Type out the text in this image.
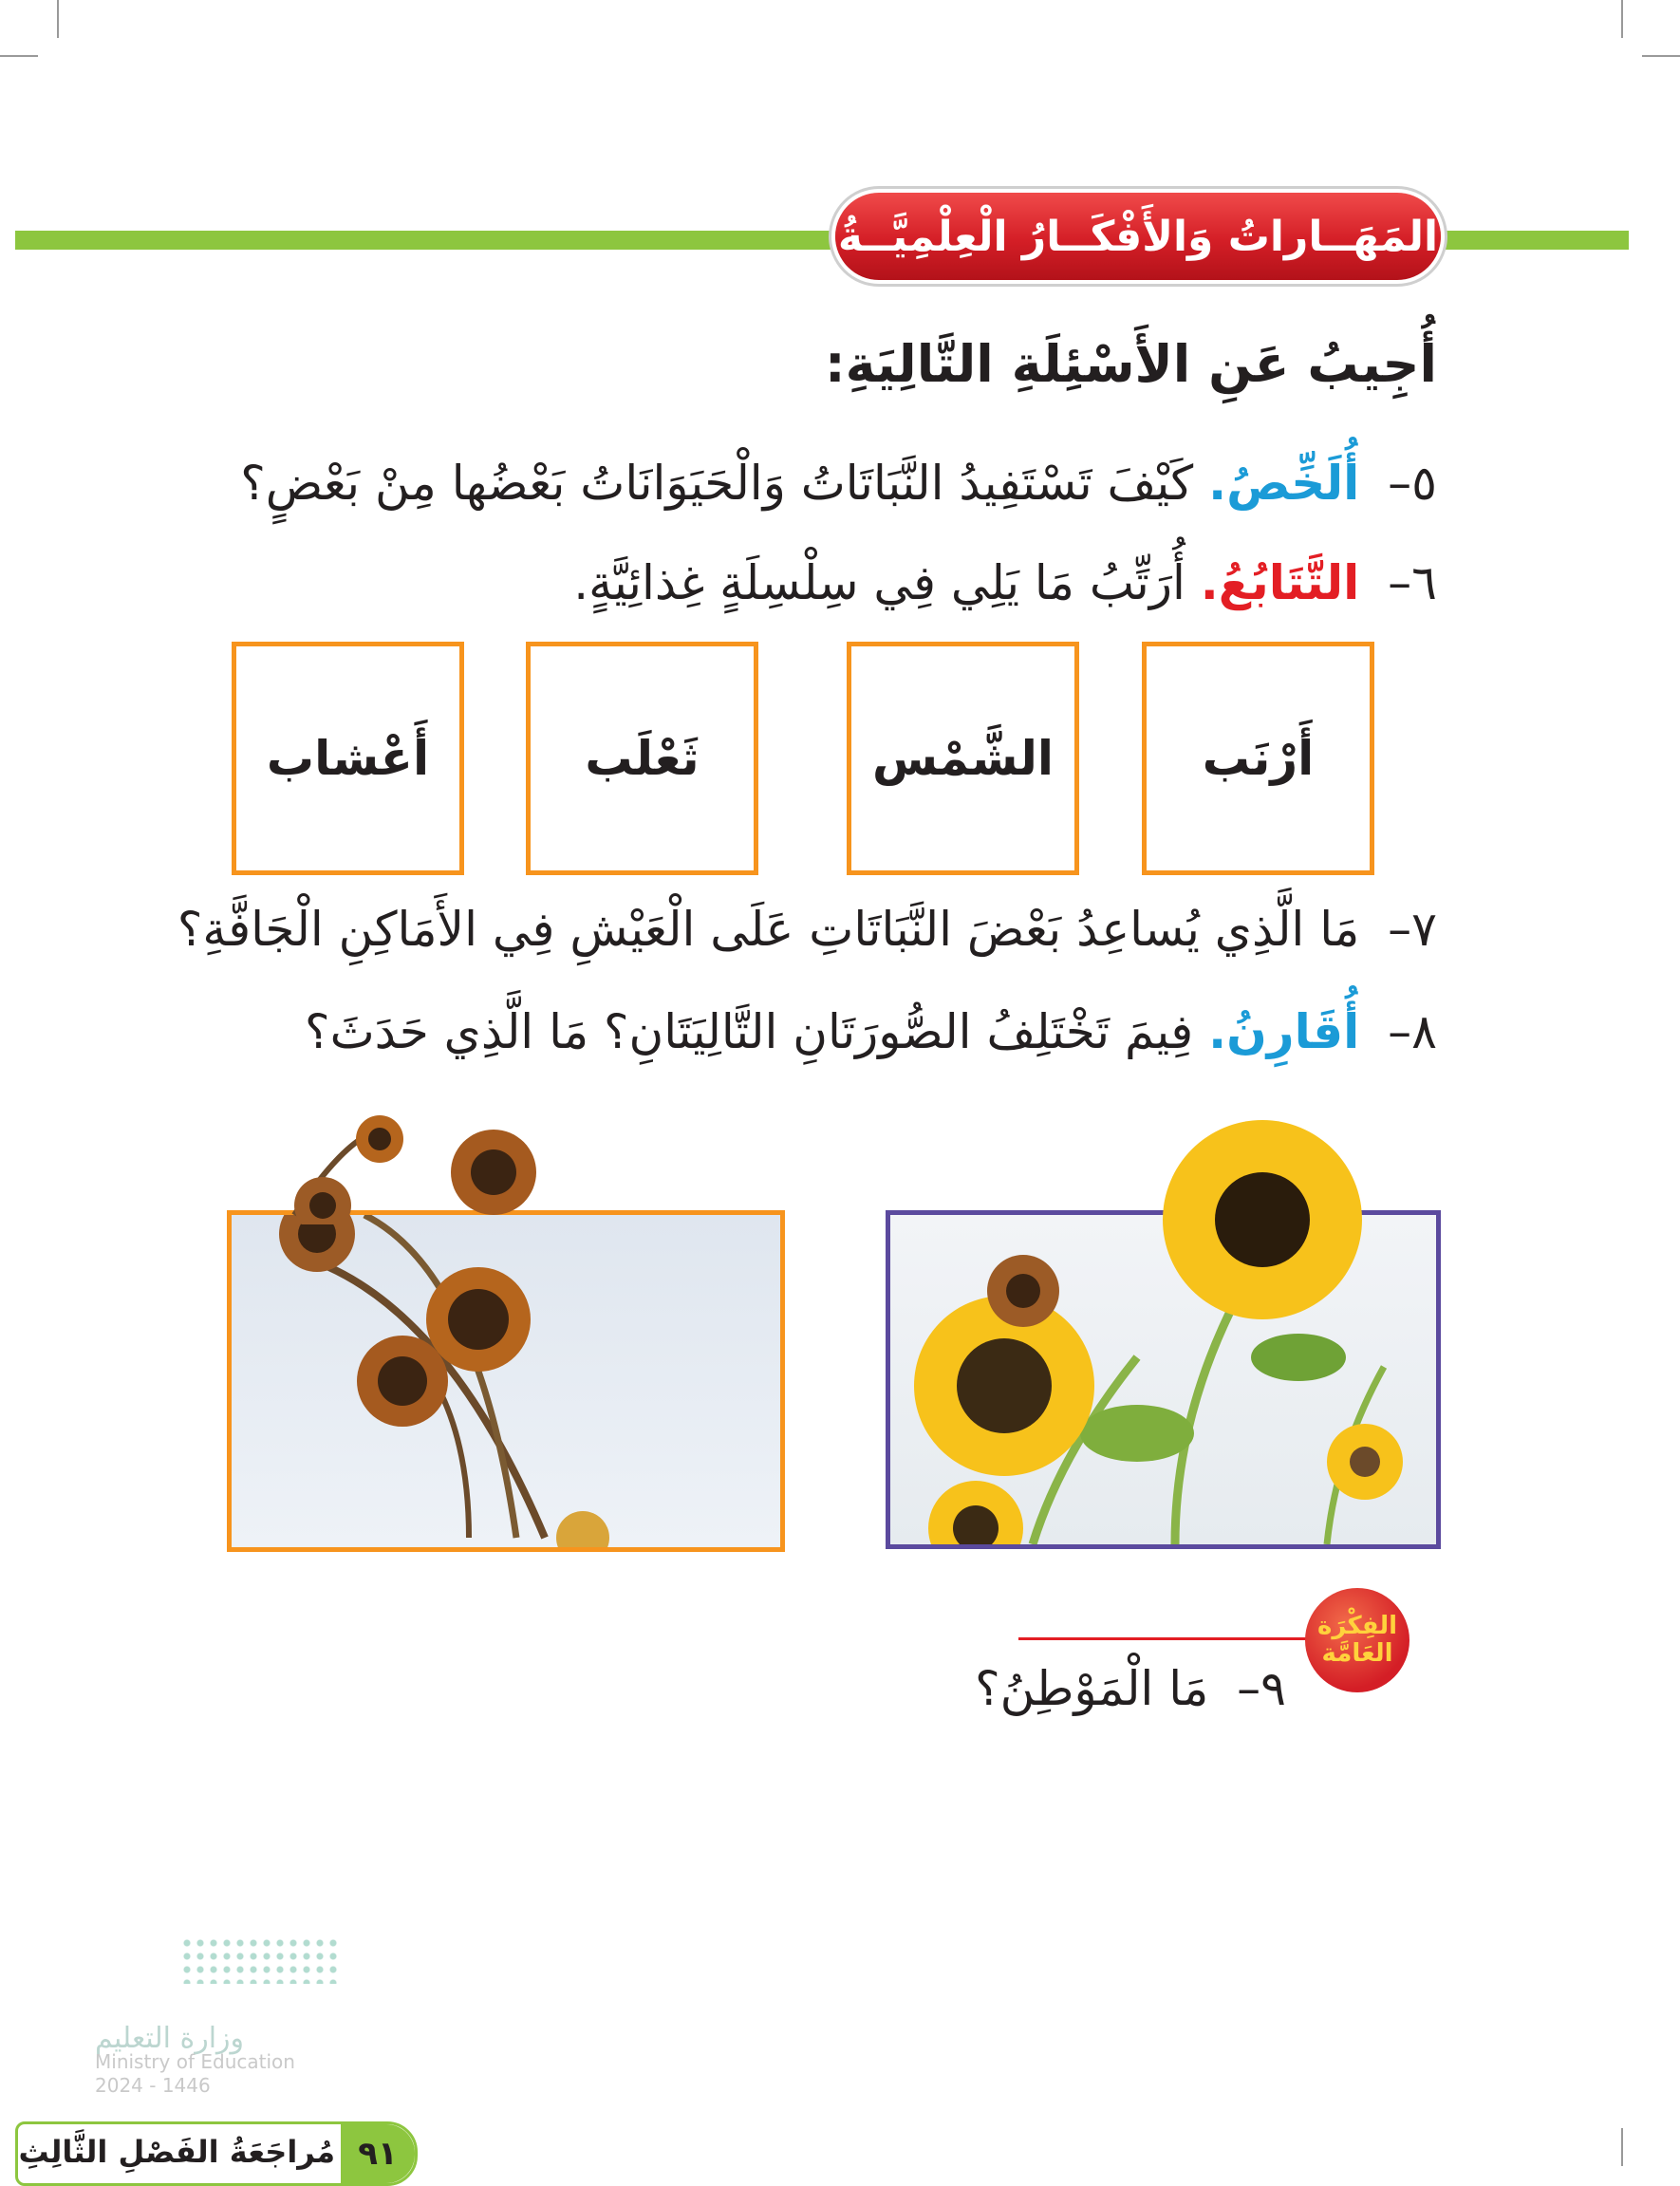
المَهَــاراتُ وَالأَفْكَــارُ الْعِلْمِيَّــةُ
أُجِيبُ عَنِ الأَسْئِلَةِ التَّالِيَةِ:
٥– أُلَخِّصُ. كَيْفَ تَسْتَفِيدُ النَّبَاتَاتُ وَالْحَيَوَانَاتُ بَعْضُها مِنْ بَعْضٍ؟
٦– التَّتَابُعُ. أُرَتِّبُ مَا يَلِي فِي سِلْسِلَةٍ غِذائِيَّةٍ.
أَرْنَب
الشَّمْس
ثَعْلَب
أَعْشاب
٧– مَا الَّذِي يُساعِدُ بَعْضَ النَّبَاتَاتِ عَلَى الْعَيْشِ فِي الأَمَاكِنِ الْجَافَّةِ؟
٨– أُقَارِنُ. فِيمَ تَخْتَلِفُ الصُّورَتَانِ التَّالِيَتَانِ؟ مَا الَّذِي حَدَثَ؟
الفِكْرَة
العَامَّة
٩– مَا الْمَوْطِنُ؟
وزارة التعليم
Ministry of Education
2024 - 1446
٩١
مُراجَعَةُ الفَصْلِ الثَّالِثِ
